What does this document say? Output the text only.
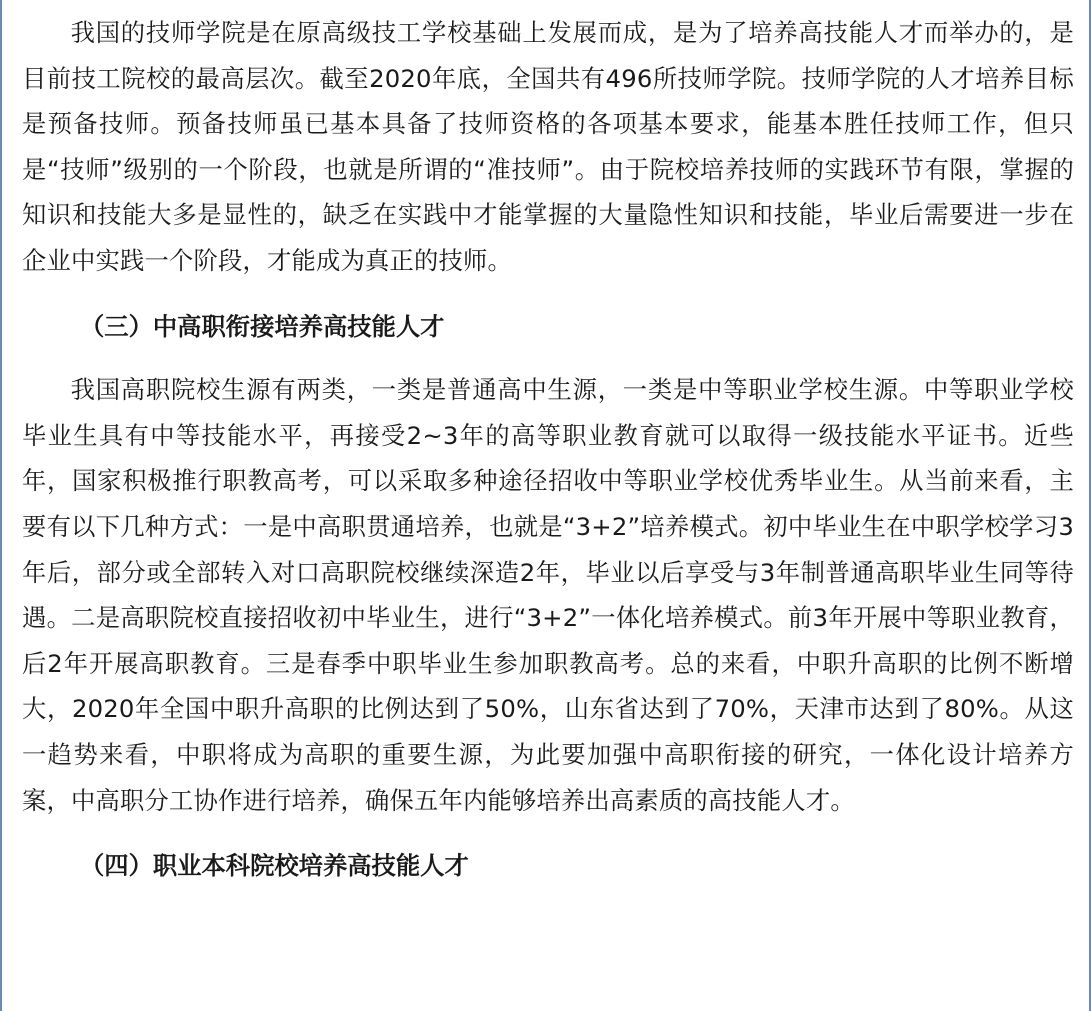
我国的技师学院是在原高级技工学校基础上发展而成，是为了培养高技能人才而举办的，是目前技工院校的最高层次。截至2020年底，全国共有496所技师学院。技师学院的人才培养目标是预备技师。预备技师虽已基本具备了技师资格的各项基本要求，能基本胜任技师工作，但只是“技师”级别的一个阶段，也就是所谓的“准技师”。由于院校培养技师的实践环节有限，掌握的知识和技能大多是显性的，缺乏在实践中才能掌握的大量隐性知识和技能，毕业后需要进一步在企业中实践一个阶段，才能成为真正的技师。

（三）中高职衔接培养高技能人才

我国高职院校生源有两类，一类是普通高中生源，一类是中等职业学校生源。中等职业学校毕业生具有中等技能水平，再接受2~3年的高等职业教育就可以取得一级技能水平证书。近些年，国家积极推行职教高考，可以采取多种途径招收中等职业学校优秀毕业生。从当前来看，主要有以下几种方式：一是中高职贯通培养，也就是“3+2”培养模式。初中毕业生在中职学校学习3年后，部分或全部转入对口高职院校继续深造2年，毕业以后享受与3年制普通高职毕业生同等待遇。二是高职院校直接招收初中毕业生，进行“3+2”一体化培养模式。前3年开展中等职业教育，后2年开展高职教育。三是春季中职毕业生参加职教高考。总的来看，中职升高职的比例不断增大，2020年全国中职升高职的比例达到了50%，山东省达到了70%，天津市达到了80%。从这一趋势来看，中职将成为高职的重要生源，为此要加强中高职衔接的研究，一体化设计培养方案，中高职分工协作进行培养，确保五年内能够培养出高素质的高技能人才。

（四）职业本科院校培养高技能人才
